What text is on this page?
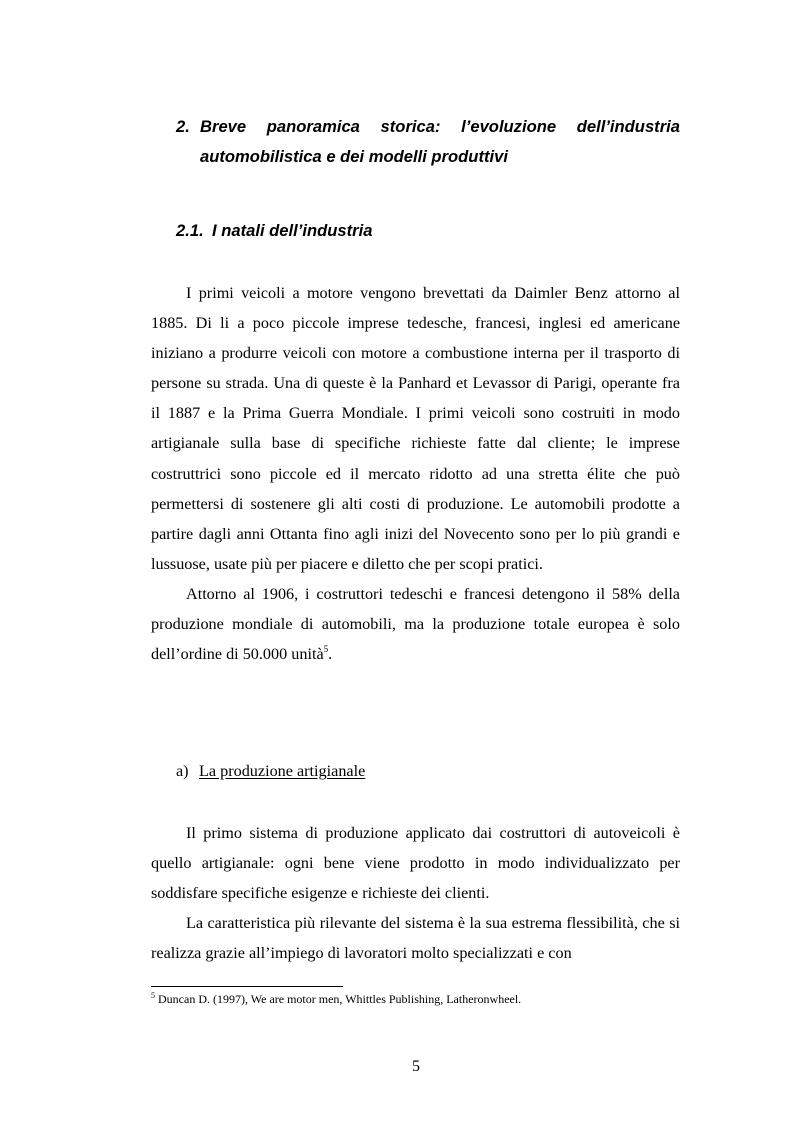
2. Breve panoramica storica: l’evoluzione dell’industria automobilistica e dei modelli produttivi
2.1. I natali dell’industria

I primi veicoli a motore vengono brevettati da Daimler Benz attorno al 1885. Di li a poco piccole imprese tedesche, francesi, inglesi ed americane iniziano a produrre veicoli con motore a combustione interna per il trasporto di persone su strada. Una di queste è la Panhard et Levassor di Parigi, operante fra il 1887 e la Prima Guerra Mondiale. I primi veicoli sono costruiti in modo artigianale sulla base di specifiche richieste fatte dal cliente; le imprese costruttrici sono piccole ed il mercato ridotto ad una stretta élite che può permettersi di sostenere gli alti costi di produzione. Le automobili prodotte a partire dagli anni Ottanta fino agli inizi del Novecento sono per lo più grandi e lussuose, usate più per piacere e diletto che per scopi pratici.

Attorno al 1906, i costruttori tedeschi e francesi detengono il 58% della produzione mondiale di automobili, ma la produzione totale europea è solo dell’ordine di 50.000 unità$^5$.

a) La produzione artigianale

Il primo sistema di produzione applicato dai costruttori di autoveicoli è quello artigianale: ogni bene viene prodotto in modo individualizzato per soddisfare specifiche esigenze e richieste dei clienti.

La caratteristica più rilevante del sistema è la sua estrema flessibilità, che si realizza grazie all’impiego di lavoratori molto specializzati e con

$^5$ Duncan D. (1997), We are motor men, Whittles Publishing, Latheronwheel.
5
